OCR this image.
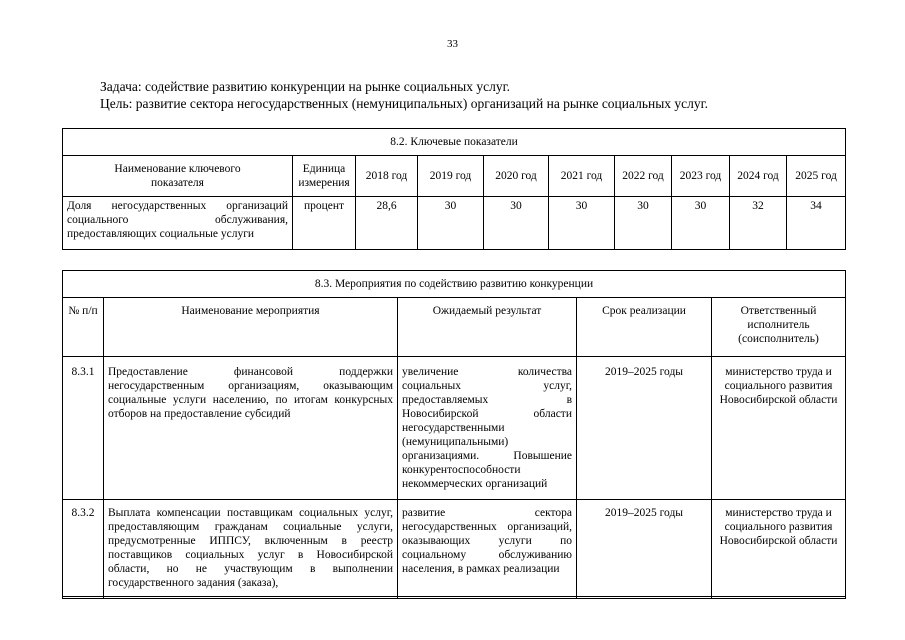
33
Задача: содействие развитию конкуренции на рынке социальных услуг.
Цель: развитие сектора негосударственных (немуниципальных) организаций на рынке социальных услуг.
8.2. Ключевые показатели									
Наименование ключевого показателя	Единица измерения	2018 год	2019 год	2020 год	2021 год	2022 год	2023 год	2024 год	2025 год
Доля негосударственных организаций социального обслуживания, предоставляющих социальные услуги	процент	28,6	30	30	30	30	30	32	34
8.3. Мероприятия по содействию развитию конкуренции				
№ п/п	Наименование мероприятия	Ожидаемый результат	Срок реализации	Ответственный исполнитель (соисполнитель)
8.3.1	Предоставление финансовой поддержки негосударственным организациям, оказывающим социальные услуги населению, по итогам конкурсных отборов на предоставление субсидий	увеличение количества социальных услуг, предоставляемых в Новосибирской области негосударственными (немуниципальными) организациями. Повышение конкурентоспособности некоммерческих организаций	2019–2025 годы	министерство труда и социального развития Новосибирской области
8.3.2	Выплата компенсации поставщикам социальных услуг, предоставляющим гражданам социальные услуги, предусмотренные ИППСУ, включенным в реестр поставщиков социальных услуг в Новосибирской области, но не участвующим в выполнении государственного задания (заказа),	развитие сектора негосударственных организаций, оказывающих услуги по социальному обслуживанию населения, в рамках реализации	2019–2025 годы	министерство труда и социального развития Новосибирской области
